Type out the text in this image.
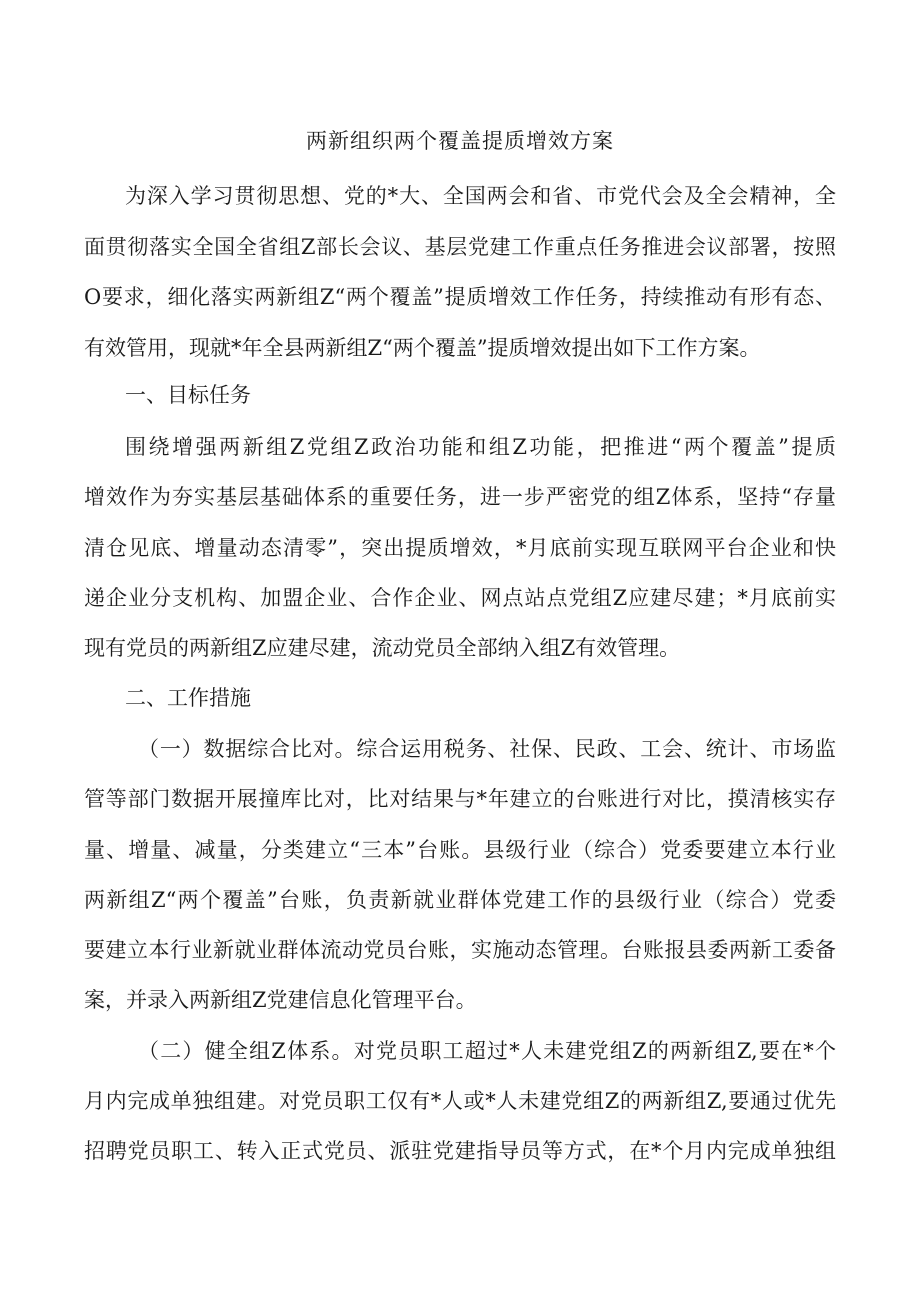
两新组织两个覆盖提质增效方案
为深入学习贯彻思想、党的*大、全国两会和省、市党代会及全会精神，全
面贯彻落实全国全省组Z部长会议、基层党建工作重点任务推进会议部署，按照
O要求，细化落实两新组Z“两个覆盖”提质增效工作任务，持续推动有形有态、
有效管用，现就*年全县两新组Z“两个覆盖”提质增效提出如下工作方案。
一、目标任务
围绕增强两新组Z党组Z政治功能和组Z功能，把推进“两个覆盖”提质
增效作为夯实基层基础体系的重要任务，进一步严密党的组Z体系，坚持“存量
清仓见底、增量动态清零”，突出提质增效，*月底前实现互联网平台企业和快
递企业分支机构、加盟企业、合作企业、网点站点党组Z应建尽建；*月底前实
现有党员的两新组Z应建尽建，流动党员全部纳入组Z有效管理。
二、工作措施
（一）数据综合比对。综合运用税务、社保、民政、工会、统计、市场监
管等部门数据开展撞库比对，比对结果与*年建立的台账进行对比，摸清核实存
量、增量、减量，分类建立“三本”台账。县级行业（综合）党委要建立本行业
两新组Z“两个覆盖”台账，负责新就业群体党建工作的县级行业（综合）党委
要建立本行业新就业群体流动党员台账，实施动态管理。台账报县委两新工委备
案，并录入两新组Z党建信息化管理平台。
（二）健全组Z体系。对党员职工超过*人未建党组Z的两新组Z,要在*个
月内完成单独组建。对党员职工仅有*人或*人未建党组Z的两新组Z,要通过优先
招聘党员职工、转入正式党员、派驻党建指导员等方式，在*个月内完成单独组
